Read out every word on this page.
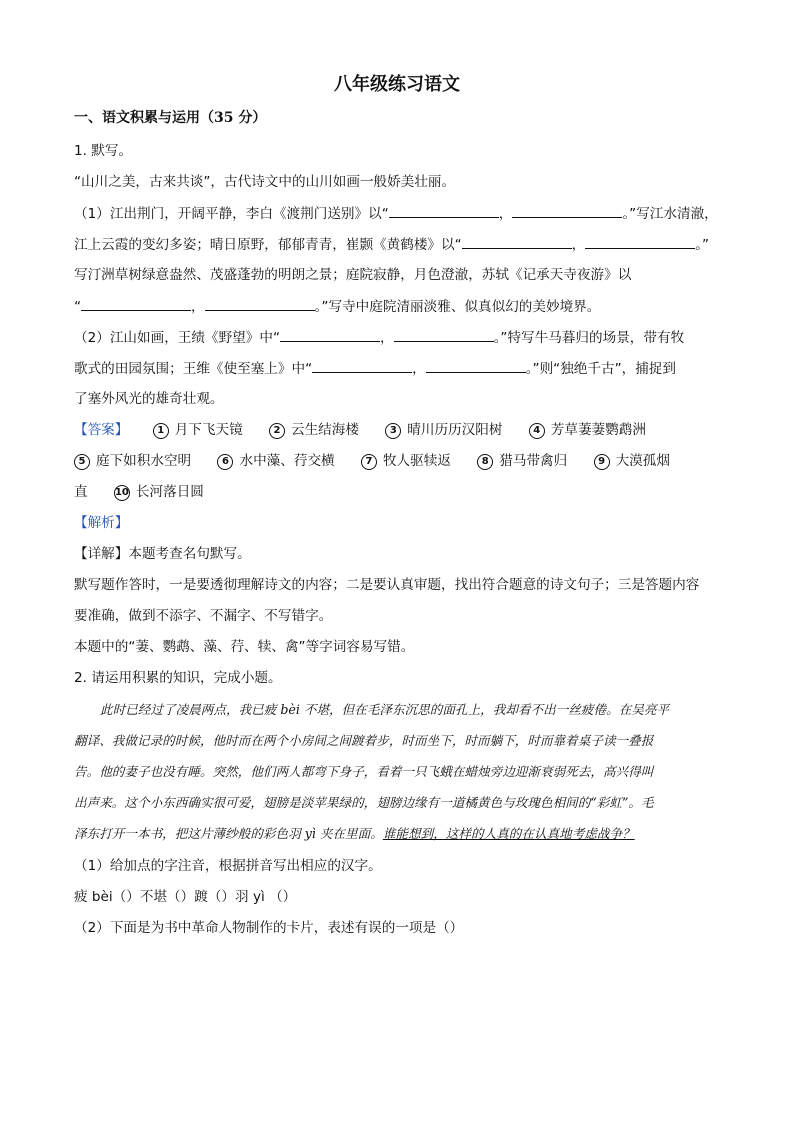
八年级练习语文
一、语文积累与运用（35 分）
1. 默写。
“山川之美，古来共谈”，古代诗文中的山川如画一般娇美壮丽。
（1）江出荆门，开阔平静，李白《渡荆门送别》以“	，	。”写江水清澈，
江上云霞的变幻多姿；晴日原野，郁郁青青，崔颢《黄鹤楼》以“	，	。”
写汀洲草树绿意盎然、茂盛蓬勃的明朗之景；庭院寂静，月色澄澈，苏轼《记承天寺夜游》以
“	，	。”写寺中庭院清丽淡雅、似真似幻的美妙境界。
（2）江山如画，王绩《野望》中“	，	。”特写牛马暮归的场景，带有牧
歌式的田园氛围；王维《使至塞上》中“	，	。”则“独绝千古”，捕捉到
了塞外风光的雄奇壮观。
【答案】	1 月下飞天镜	2 云生结海楼	3 晴川历历汉阳树	4 芳草萋萋鹦鹉洲
5 庭下如积水空明	6 水中藻、荇交横	7 牧人驱犊返	8 猎马带禽归	9 大漠孤烟
直	10 长河落日圆
【解析】
【详解】本题考查名句默写。
默写题作答时，一是要透彻理解诗文的内容；二是要认真审题，找出符合题意的诗文句子；三是答题内容
要准确，做到不添字、不漏字、不写错字。
本题中的“萋、鹦鹉、藻、荇、犊、禽”等字词容易写错。
2. 请运用积累的知识，完成小题。
此时已经过了凌晨两点，我已疲 bèi 不堪，但在毛泽东沉思的面孔上，我却看不出一丝疲倦。在吴亮平
翻译、我做记录的时候，他时而在两个小房间之间踱着步，时而坐下，时而躺下，时而靠着桌子读一叠报
告。他的妻子也没有睡。突然，他们两人都弯下身子，看着一只飞蛾在蜡烛旁边迎渐衰弱死去，高兴得叫
出声来。这个小东西确实很可爱，翅膀是淡苹果绿的，翅膀边缘有一道橘黄色与玫瑰色相间的“彩虹”。毛
泽东打开一本书，把这片薄纱般的彩色羽 yì 夹在里面。谁能想到，这样的人真的在认真地考虑战争？
（1）给加点的字注音，根据拼音写出相应的汉字。
疲 bèi（）不堪（）踱（）羽 yì （）
（2）下面是为书中革命人物制作的卡片，表述有误的一项是（）
